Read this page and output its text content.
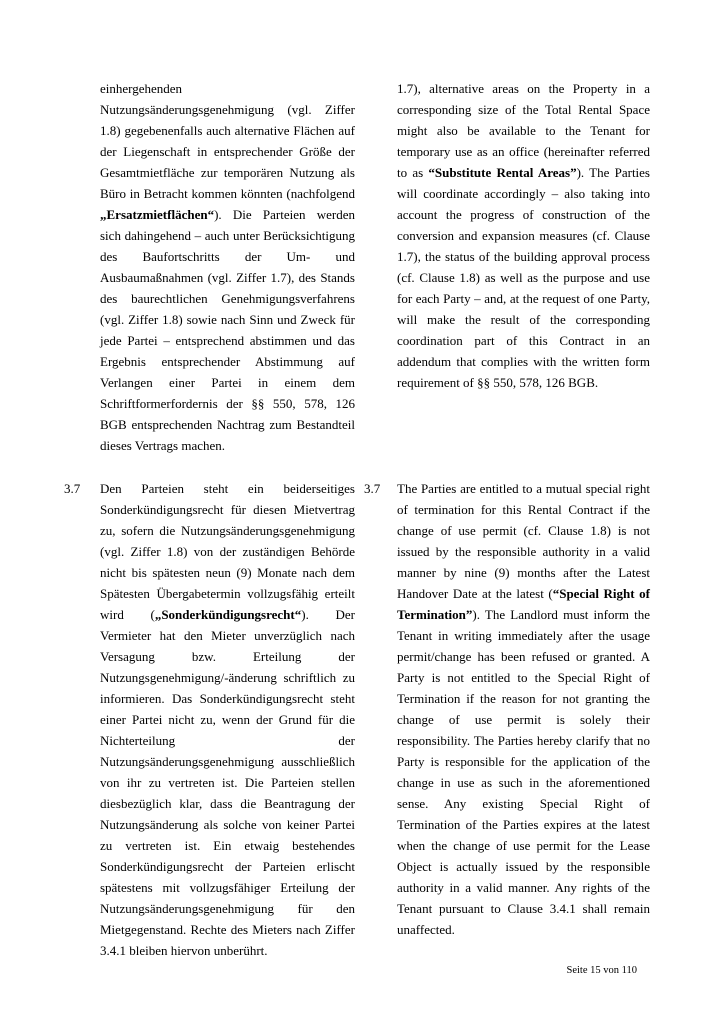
einhergehenden Nutzungsänderungsgenehmigung (vgl. Ziffer 1.8) gegebenenfalls auch alternative Flächen auf der Liegenschaft in entsprechender Größe der Gesamtmietfläche zur temporären Nutzung als Büro in Betracht kommen könnten (nachfolgend „Ersatzmietflächen“). Die Parteien werden sich dahingehend – auch unter Berücksichtigung des Baufortschritts der Um- und Ausbaumaßnahmen (vgl. Ziffer 1.7), des Stands des baurechtlichen Genehmigungsverfahrens (vgl. Ziffer 1.8) sowie nach Sinn und Zweck für jede Partei – entsprechend abstimmen und das Ergebnis entsprechender Abstimmung auf Verlangen einer Partei in einem dem Schriftformerfordernis der §§ 550, 578, 126 BGB entsprechenden Nachtrag zum Bestandteil dieses Vertrags machen.
1.7), alternative areas on the Property in a corresponding size of the Total Rental Space might also be available to the Tenant for temporary use as an office (hereinafter referred to as “Substitute Rental Areas”). The Parties will coordinate accordingly – also taking into account the progress of construction of the conversion and expansion measures (cf. Clause 1.7), the status of the building approval process (cf. Clause 1.8) as well as the purpose and use for each Party – and, at the request of one Party, will make the result of the corresponding coordination part of this Contract in an addendum that complies with the written form requirement of §§ 550, 578, 126 BGB.
3.7	Den Parteien steht ein beiderseitiges Sonderkündigungsrecht für diesen Mietvertrag zu, sofern die Nutzungsänderungsgenehmigung (vgl. Ziffer 1.8) von der zuständigen Behörde nicht bis spätesten neun (9) Monate nach dem Spätesten Übergabetermin vollzugsfähig erteilt wird („Sonderkündigungsrecht“). Der Vermieter hat den Mieter unverzüglich nach Versagung bzw. Erteilung der Nutzungsgenehmigung/-änderung schriftlich zu informieren. Das Sonderkündigungsrecht steht einer Partei nicht zu, wenn der Grund für die Nichterteilung der Nutzungsänderungsgenehmigung ausschließlich von ihr zu vertreten ist. Die Parteien stellen diesbezüglich klar, dass die Beantragung der Nutzungsänderung als solche von keiner Partei zu vertreten ist. Ein etwaig bestehendes Sonderkündigungsrecht der Parteien erlischt spätestens mit vollzugsfähiger Erteilung der Nutzungsänderungsgenehmigung für den Mietgegenstand. Rechte des Mieters nach Ziffer 3.4.1 bleiben hiervon unberührt.
3.7	The Parties are entitled to a mutual special right of termination for this Rental Contract if the change of use permit (cf. Clause 1.8) is not issued by the responsible authority in a valid manner by nine (9) months after the Latest Handover Date at the latest (“Special Right of Termination”). The Landlord must inform the Tenant in writing immediately after the usage permit/change has been refused or granted. A Party is not entitled to the Special Right of Termination if the reason for not granting the change of use permit is solely their responsibility. The Parties hereby clarify that no Party is responsible for the application of the change in use as such in the aforementioned sense. Any existing Special Right of Termination of the Parties expires at the latest when the change of use permit for the Lease Object is actually issued by the responsible authority in a valid manner. Any rights of the Tenant pursuant to Clause 3.4.1 shall remain unaffected.
Seite 15 von 110
